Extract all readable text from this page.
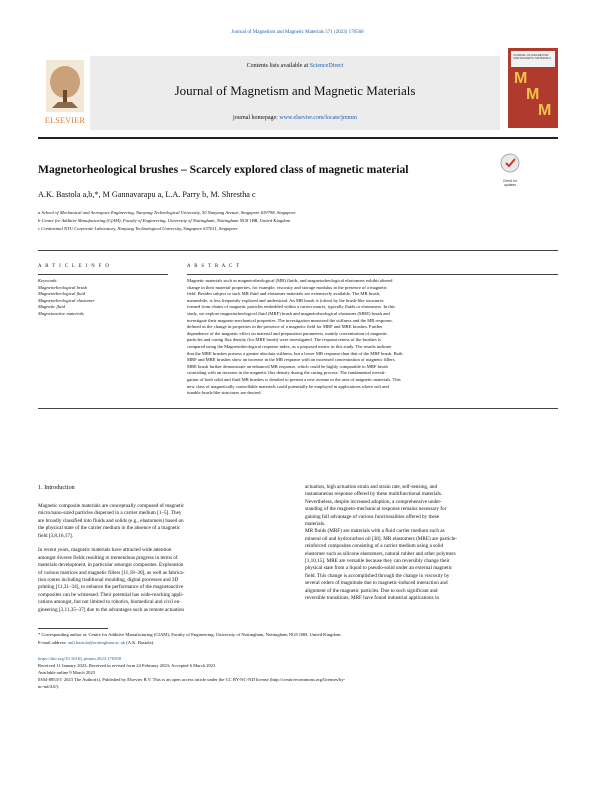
Journal of Magnetism and Magnetic Materials 571 (2023) 170568
ELSEVIER
Contents lists available at ScienceDirect
Journal of Magnetism and Magnetic Materials
journal homepage: www.elsevier.com/locate/jmmm
JOURNAL OF MAGNETISM AND MAGNETIC MATERIALS
M
M
M
Magnetorheological brushes – Scarcely explored class of magnetic material
Check for updates
A.K. Bastola a,b,*, M Gannavarapu a, L.A. Parry b, M. Shrestha c
a School of Mechanical and Aerospace Engineering, Nanyang Technological University, 50 Nanyang Avenue, Singapore 639798, Singapore
b Centre for Additive Manufacturing (CfAM), Faculty of Engineering, University of Nottingham, Nottingham NG8 1BB, United Kingdom
c Continental NTU Corporate Laboratory, Nanyang Technological University, Singapore 637611, Singapore
A R T I C L E I N F O
Keywords:
Magnetorheological brush
Magnetorheological fluid
Magnetorheological elastomer
Magnetic fluid
Magnetoactive materials
A B S T R A C T
Magnetic materials such as magnetorheological (MR) fluids, and magnetorheological elastomers exhibit altered
change in their material properties, for example, viscosity and storage modulus in the presence of a magnetic
field. Besides subject to such MR fluid and elastomer materials are extensively available. The MR brush,
meanwhile, is less frequently explored and understood. An MR brush is (often) by the brush-like structures
formed from chains of magnetic particles embedded within a carrier matrix, typically fluids or elastomers. In this
study, we explore magnetorheological fluid (MRF) brush and magnetorheological elastomer (MRE) brush and
investigate their magneto-mechanical properties. The investigation measured the stiffness and the MR response,
defined as the change in properties in the presence of a magnetic field for MRF and MRE brushes. Further
dependence of the magnetic effect on material and preparation parameters, mainly concentration of magnetic
particles and curing flux density (for MRE brush) were investigated. The responsiveness of the brushes is
compared using the Magnetorheological response index, as a proposed metric in this study. The results indicate
that the MRE brushes possess a greater absolute stiffness, but a lower MR response than that of the MRF brush. Both
MRF and MRE brushes show an increase in the MR response with an increased concentration of magnetic fillers.
MRE brush further demonstrate an enhanced MR response, which could be highly comparable to MRF brush
coinciding with an increase in the magnetic flux density during the curing process. The fundamental investi-
gation of both solid and fluid MR brushes is detailed to present a new avenue in the area of magnetic materials. This
new class of magnetically controllable materials could potentially be employed in applications where soft and
tunable brush-like structures are desired.
1. Introduction
Magnetic composite materials are conceptually composed of magnetic
micro/nano-sized particles dispersed in a carrier medium [1–5]. They
are broadly classified into fluids and solids (e.g., elastomers) based on
the physical state of the carrier medium in the absence of a magnetic
field [3,8,16,17].

In recent years, magnetic materials have attracted wide attention
amongst diverse fields resulting in tremendous progress in terms of
materials development, in particular amongst composites. Exploration
of various matrices and magnetic fillers [11,18–30], as well as fabrica-
tion routes including traditional moulding, digital processes and 3D
printing [11,31–34], to enhance the performance of the magnetoactive
composites can be witnessed. Their potential has wide-reaching appli-
cations amongst, but not limited to robotics, biomedical and civil en-
gineering [3,11,35–37] due to the advantages such as remote actuation
actuation, high actuation strain and strain rate, self-sensing, and
instantaneous response offered by these multifunctional materials.
Nevertheless, despite increased adoption, a comprehensive under-
standing of the magneto-mechanical response remains necessary for
gaining full advantage of various functionalities offered by these
materials.
MR fluids (MRF) are materials with a fluid carrier medium such as
mineral oil and hydrocarbon oil [38]. MR elastomers (MRE) are particle-
reinforced composites consisting of a carrier medium using a solid
elastomer such as silicone elastomers, natural rubber and other polymers
[1,10,15]. MRE are versatile because they can reversibly change their
physical state from a liquid to pseudo-solid under an external magnetic
field. This change is accomplished through the change in viscosity by
several orders of magnitude due to magnetic-induced interaction and
alignment of the magnetic particles. Due to such significant and
reversible transitions, MRF have found industrial applications in
* Corresponding author at: Centre for Additive Manufacturing (CfAM), Faculty of Engineering, University of Nottingham, Nottingham NG8 1BB, United Kingdom.
E-mail address: anil.bastola@nottingham.ac.uk (A.K. Bastola).
https://doi.org/10.1016/j.jmmm.2023.170568
Received 11 January 2023; Received in revised form 24 February 2023; Accepted 6 March 2023
Available online 9 March 2023
0304-8853/© 2023 The Author(s). Published by Elsevier B.V. This is an open access article under the CC BY-NC-ND license (http://creativecommons.org/licenses/by-
nc-nd/4.0/).
